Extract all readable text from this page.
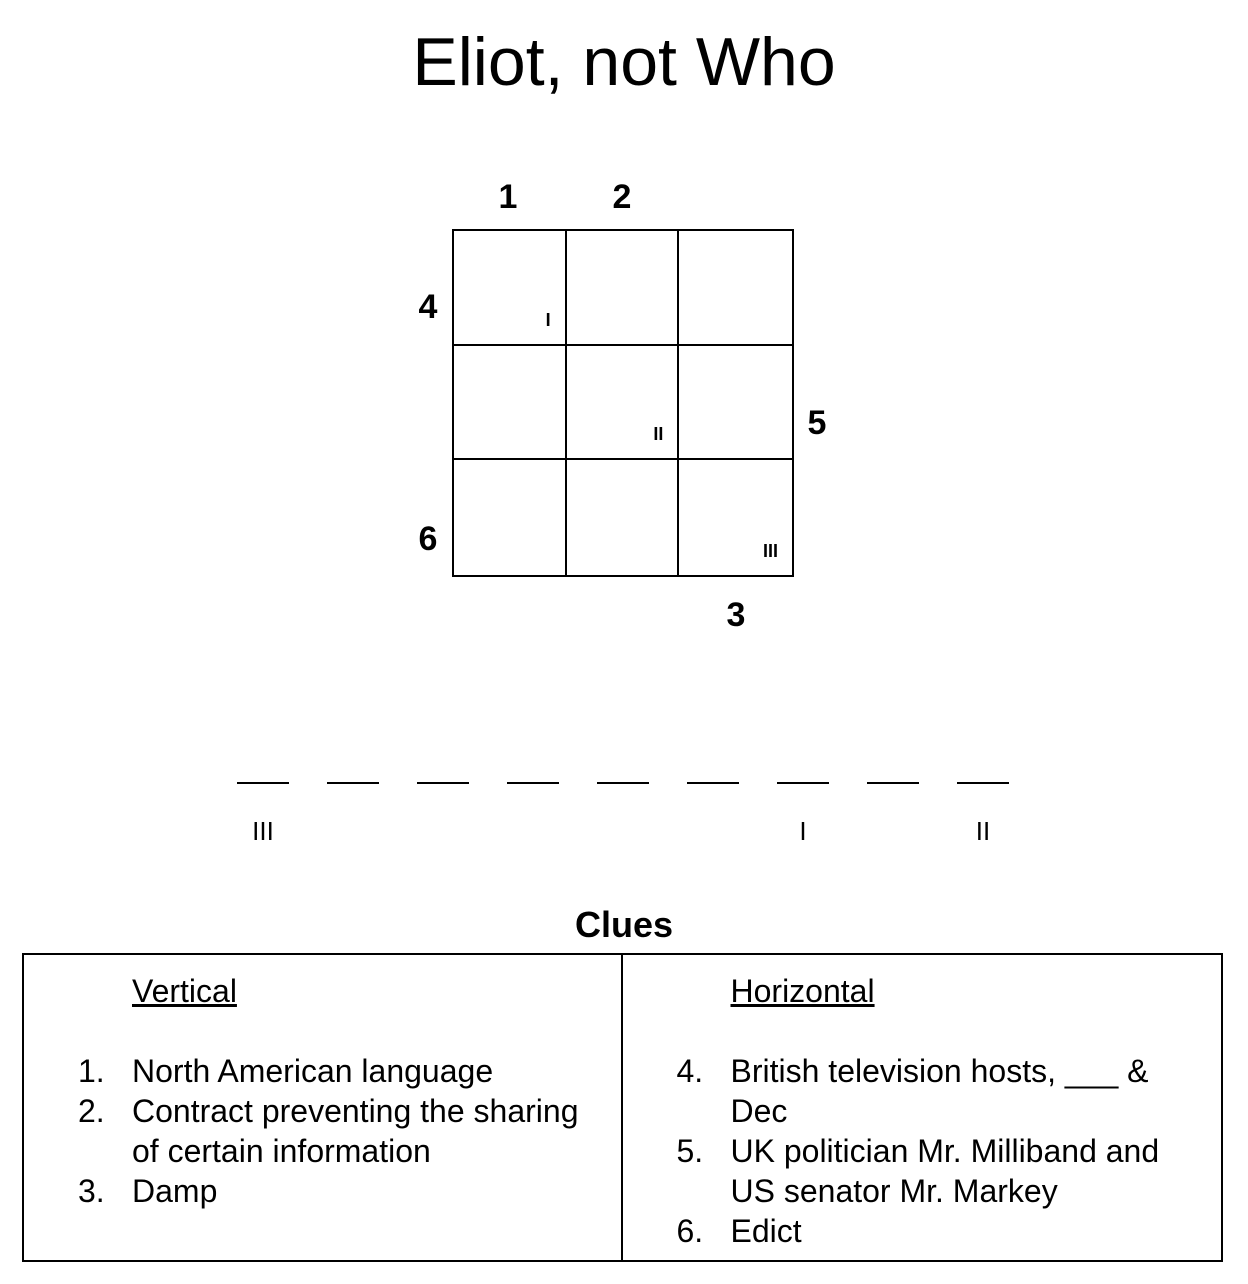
Eliot, not Who
1	2
3
4
5
6
I
II
III
III	I	II
Clues
Vertical
1. North American language
2. Contract preventing the sharing of certain information
3. Damp
Horizontal
4. British television hosts, ___ & Dec
5. UK politician Mr. Milliband and US senator Mr. Markey
6. Edict
